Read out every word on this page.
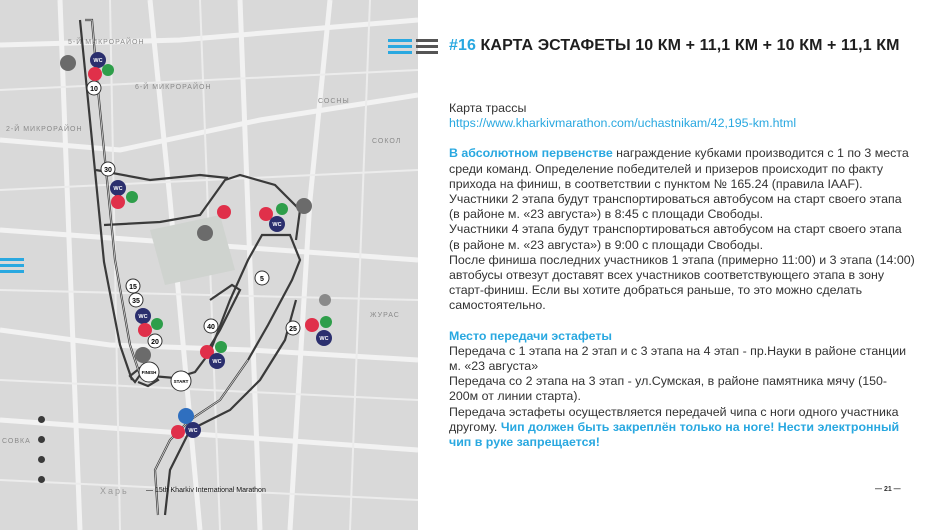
5-Й МИКРОРАЙОН
6-Й МИКРОРАЙОН
2-Й МИКРОРАЙОН
СОСНЫ
СОКОЛ
ЖУРАС
СОВКА
Харь
10
30
15
35
20
40
5
25
FINISH
START
WC
WC
WC
WC
WC
WC
WC
— 15th Kharkiv International Marathon
#16 КАРТА ЭСТАФЕТЫ 10 КМ + 11,1 КМ + 10 КМ + 11,1 КМ

Карта трассы

https://www.kharkivmarathon.com/uchastnikam/42,195-km.html

В абсолютном первенстве награждение кубками производится с 1 по 3 места среди команд. Определение победителей и призеров происходит по факту прихода на финиш, в соответствии с пунктом № 165.24 (правила IAAF).

Участники 2 этапа будут транспортироваться автобусом на старт своего этапа (в районе м. «23 августа») в 8:45 с площади Свободы.

Участники 4 этапа будут транспортироваться автобусом на старт своего этапа (в районе м. «23 августа») в 9:00 с площади Свободы.

После финиша последних участников 1 этапа (примерно 11:00) и 3 этапа (14:00) автобусы отвезут доставят всех участников соответствующего этапа в зону старт-финиш. Если вы хотите добраться раньше, то это можно сделать самостоятельно.

Место передачи эстафеты

Передача с 1 этапа на 2 этап и с 3 этапа на 4 этап - пр.Науки в районе станции м. «23 августа»

Передача со 2 этапа на 3 этап - ул.Сумская, в районе памятника мячу (150-200м от линии старта).

Передача эстафеты осуществляется передачей чипа с ноги одного участника другому. Чип должен быть закреплён только на ноге! Нести электронный чип в руке запрещается!

— 21 —
